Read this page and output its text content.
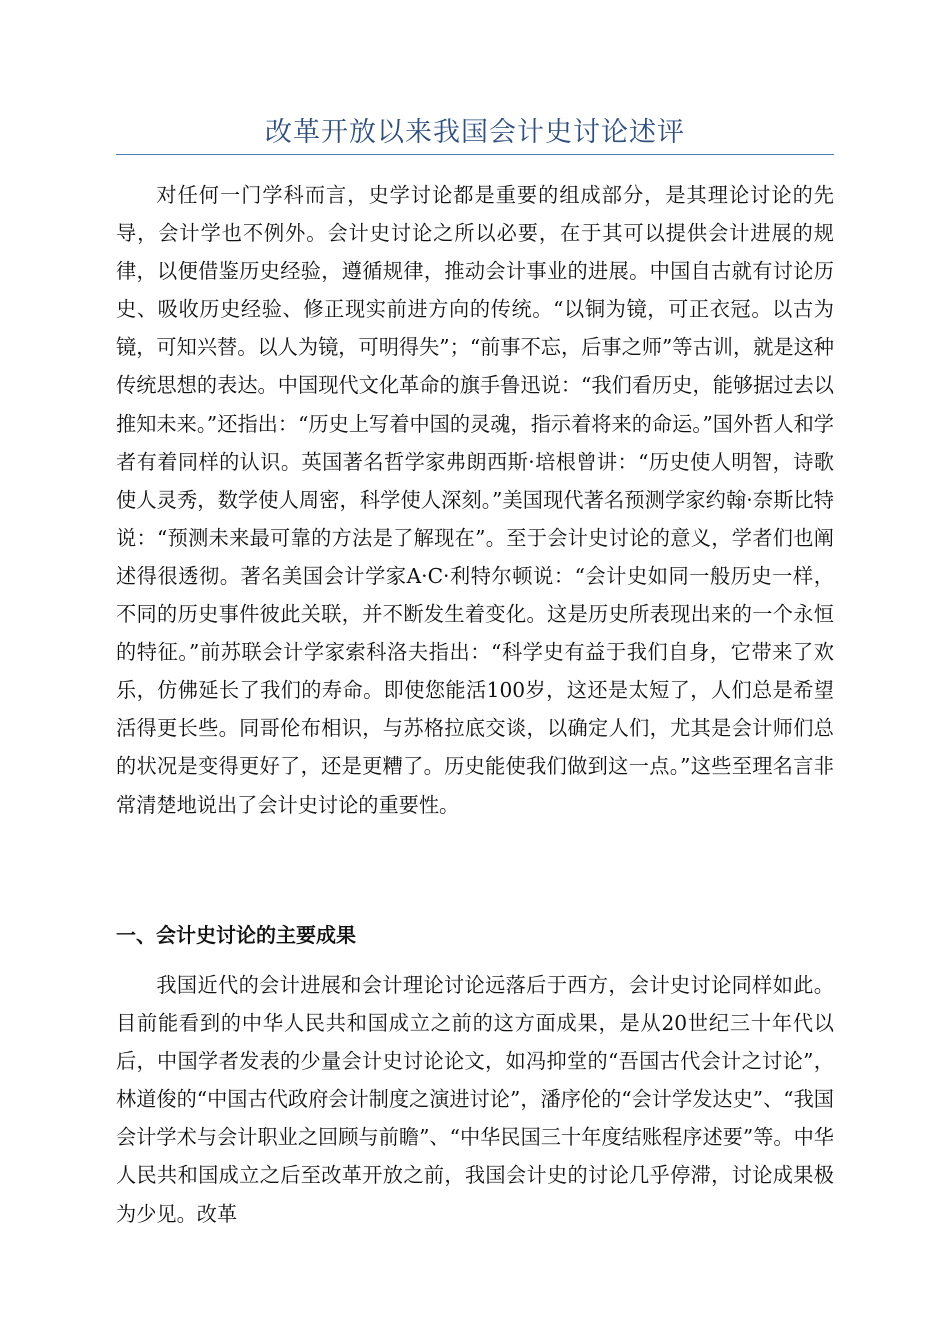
改革开放以来我国会计史讨论述评

对任何一门学科而言，史学讨论都是重要的组成部分，是其理论讨论的先导，会计学也不例外。会计史讨论之所以必要，在于其可以提供会计进展的规律，以便借鉴历史经验，遵循规律，推动会计事业的进展。中国自古就有讨论历史、吸收历史经验、修正现实前进方向的传统。“以铜为镜，可正衣冠。以古为镜，可知兴替。以人为镜，可明得失”；“前事不忘，后事之师”等古训，就是这种传统思想的表达。中国现代文化革命的旗手鲁迅说：“我们看历史，能够据过去以推知未来。”还指出：“历史上写着中国的灵魂，指示着将来的命运。”国外哲人和学者有着同样的认识。英国著名哲学家弗朗西斯·培根曾讲：“历史使人明智，诗歌使人灵秀，数学使人周密，科学使人深刻。”美国现代著名预测学家约翰·奈斯比特说：“预测未来最可靠的方法是了解现在”。至于会计史讨论的意义，学者们也阐述得很透彻。著名美国会计学家A·C·利特尔顿说：“会计史如同一般历史一样，不同的历史事件彼此关联，并不断发生着变化。这是历史所表现出来的一个永恒的特征。”前苏联会计学家索科洛夫指出：“科学史有益于我们自身，它带来了欢乐，仿佛延长了我们的寿命。即使您能活100岁，这还是太短了，人们总是希望活得更长些。同哥伦布相识，与苏格拉底交谈，以确定人们，尤其是会计师们总的状况是变得更好了，还是更糟了。历史能使我们做到这一点。”这些至理名言非常清楚地说出了会计史讨论的重要性。

一、会计史讨论的主要成果

我国近代的会计进展和会计理论讨论远落后于西方，会计史讨论同样如此。目前能看到的中华人民共和国成立之前的这方面成果，是从20世纪三十年代以后，中国学者发表的少量会计史讨论论文，如冯抑堂的“吾国古代会计之讨论”，林道俊的“中国古代政府会计制度之演进讨论”，潘序伦的“会计学发达史”、“我国会计学术与会计职业之回顾与前瞻”、“中华民国三十年度结账程序述要”等。中华人民共和国成立之后至改革开放之前，我国会计史的讨论几乎停滞，讨论成果极为少见。改革
